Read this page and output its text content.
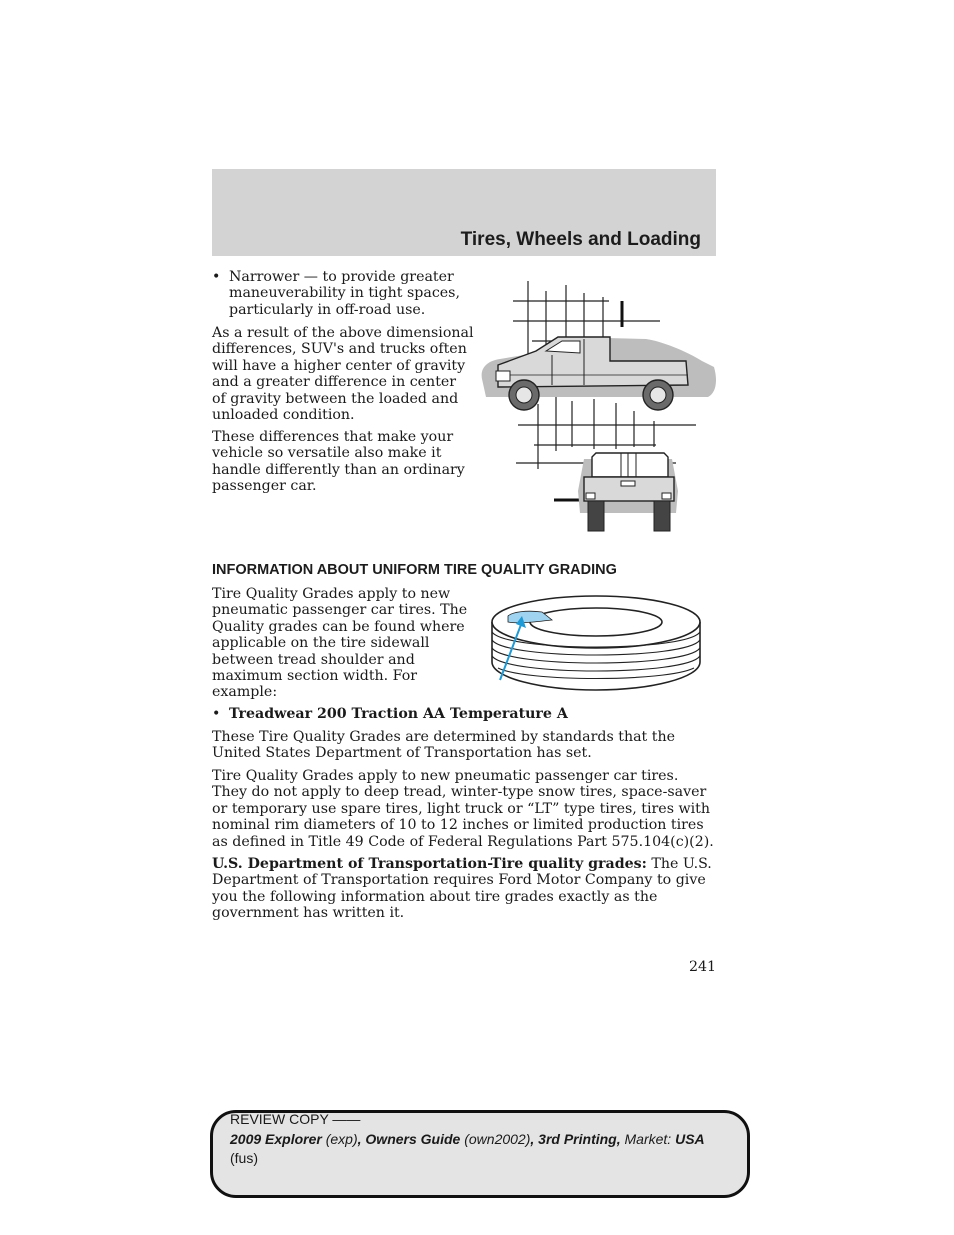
Tires, Wheels and Loading
• Narrower — to provide greater maneuverability in tight spaces, particularly in off-road use.

As a result of the above dimensional differences, SUV's and trucks often will have a higher center of gravity and a greater difference in center of gravity between the loaded and unloaded condition.

These differences that make your vehicle so versatile also make it handle differently than an ordinary passenger car.

INFORMATION ABOUT UNIFORM TIRE QUALITY GRADING

Tire Quality Grades apply to new pneumatic passenger car tires. The Quality grades can be found where applicable on the tire sidewall between tread shoulder and maximum section width. For example:

• Treadwear 200 Traction AA Temperature A

These Tire Quality Grades are determined by standards that the United States Department of Transportation has set.

Tire Quality Grades apply to new pneumatic passenger car tires. They do not apply to deep tread, winter-type snow tires, space-saver or temporary use spare tires, light truck or “LT” type tires, tires with nominal rim diameters of 10 to 12 inches or limited production tires as defined in Title 49 Code of Federal Regulations Part 575.104(c)(2).

U.S. Department of Transportation-Tire quality grades: The U.S. Department of Transportation requires Ford Motor Company to give you the following information about tire grades exactly as the government has written it.

241
REVIEW COPY ——
2009 Explorer (exp), Owners Guide (own2002), 3rd Printing, Market: USA
(fus)
